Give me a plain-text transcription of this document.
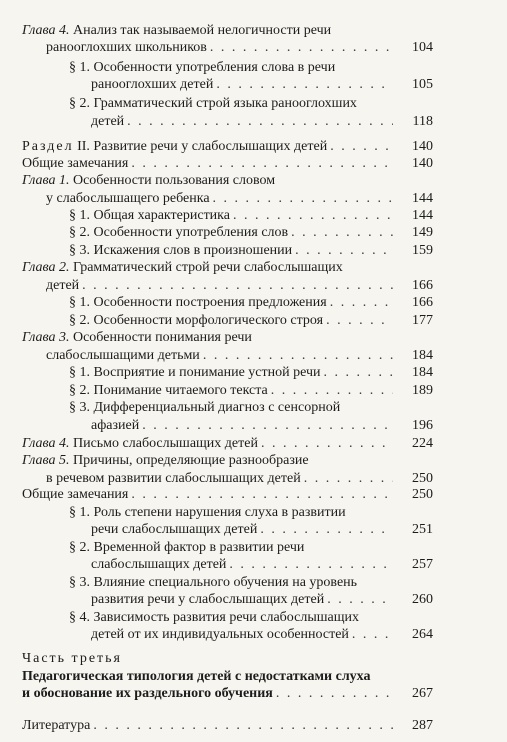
Глава 4. Анализ так называемой нелогичности речи
ранооглохших школьников . . .	104
§ 1. Особенности употребления слова в речи
ранооглохших детей . . .	105
§ 2. Грамматический строй языка ранооглохших
детей . . .	118
Раздел II. Развитие речи у слабослышащих детей . . .	140
Общие замечания . . .	140
Глава 1. Особенности пользования словом
у слабослышащего ребенка . . .	144
§ 1. Общая характеристика . . .	144
§ 2. Особенности употребления слов . . .	149
§ 3. Искажения слов в произношении . . .	159
Глава 2. Грамматический строй речи слабослышащих
детей . . .	166
§ 1. Особенности построения предложения . . .	166
§ 2. Особенности морфологического строя . . .	177
Глава 3. Особенности понимания речи
слабослышащими детьми . . .	184
§ 1. Восприятие и понимание устной речи . . .	184
§ 2. Понимание читаемого текста . . .	189
§ 3. Дифференциальный диагноз с сенсорной
афазией . . .	196
Глава 4. Письмо слабослышащих детей . . .	224
Глава 5. Причины, определяющие разнообразие
в речевом развитии слабослышащих детей . . .	250
Общие замечания . . .	250
§ 1. Роль степени нарушения слуха в развитии
речи слабослышащих детей . . .	251
§ 2. Временной фактор в развитии речи
слабослышащих детей . . .	257
§ 3. Влияние специального обучения на уровень
развития речи у слабослышащих детей . . .	260
§ 4. Зависимость развития речи слабослышащих
детей от их индивидуальных особенностей . . .	264
Часть третья
Педагогическая типология детей с недостатками слуха
и обоснование их раздельного обучения . . .	267
Литература . . .	287
